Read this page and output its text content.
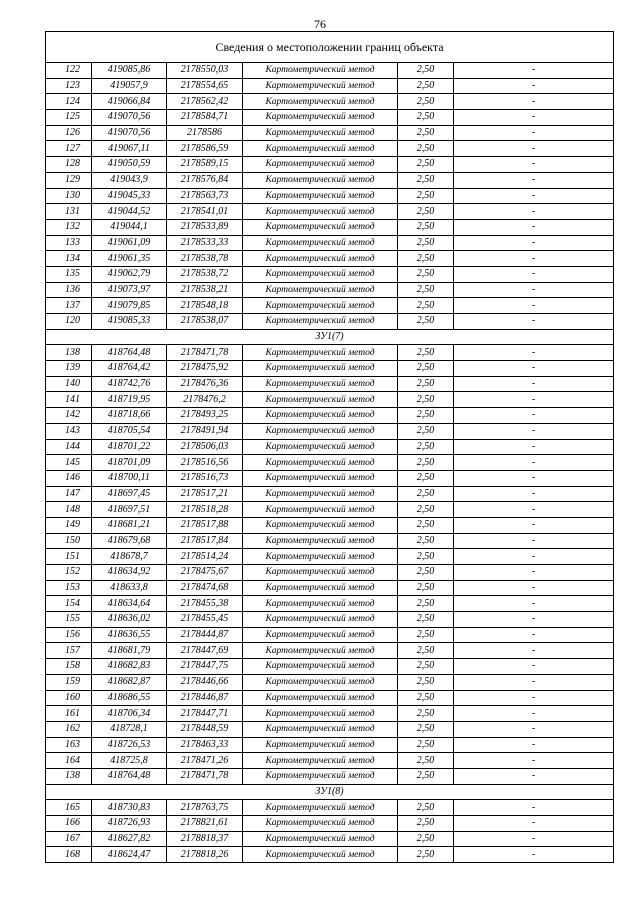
76
Сведения о местоположении границ объекта					
122	419085,86	2178550,03	Картометрический метод	2,50	-
123	419057,9	2178554,65	Картометрический метод	2,50	-
124	419066,84	2178562,42	Картометрический метод	2,50	-
125	419070,56	2178584,71	Картометрический метод	2,50	-
126	419070,56	2178586	Картометрический метод	2,50	-
127	419067,11	2178586,59	Картометрический метод	2,50	-
128	419050,59	2178589,15	Картометрический метод	2,50	-
129	419043,9	2178576,84	Картометрический метод	2,50	-
130	419045,33	2178563,73	Картометрический метод	2,50	-
131	419044,52	2178541,01	Картометрический метод	2,50	-
132	419044,1	2178533,89	Картометрический метод	2,50	-
133	419061,09	2178533,33	Картометрический метод	2,50	-
134	419061,35	2178538,78	Картометрический метод	2,50	-
135	419062,79	2178538,72	Картометрический метод	2,50	-
136	419073,97	2178538,21	Картометрический метод	2,50	-
137	419079,85	2178548,18	Картометрический метод	2,50	-
120	419085,33	2178538,07	Картометрический метод	2,50	-
ЗУ1(7)					
138	418764,48	2178471,78	Картометрический метод	2,50	-
139	418764,42	2178475,92	Картометрический метод	2,50	-
140	418742,76	2178476,36	Картометрический метод	2,50	-
141	418719,95	2178476,2	Картометрический метод	2,50	-
142	418718,66	2178493,25	Картометрический метод	2,50	-
143	418705,54	2178491,94	Картометрический метод	2,50	-
144	418701,22	2178506,03	Картометрический метод	2,50	-
145	418701,09	2178516,56	Картометрический метод	2,50	-
146	418700,11	2178516,73	Картометрический метод	2,50	-
147	418697,45	2178517,21	Картометрический метод	2,50	-
148	418697,51	2178518,28	Картометрический метод	2,50	-
149	418681,21	2178517,88	Картометрический метод	2,50	-
150	418679,68	2178517,84	Картометрический метод	2,50	-
151	418678,7	2178514,24	Картометрический метод	2,50	-
152	418634,92	2178475,67	Картометрический метод	2,50	-
153	418633,8	2178474,68	Картометрический метод	2,50	-
154	418634,64	2178455,38	Картометрический метод	2,50	-
155	418636,02	2178455,45	Картометрический метод	2,50	-
156	418636,55	2178444,87	Картометрический метод	2,50	-
157	418681,79	2178447,69	Картометрический метод	2,50	-
158	418682,83	2178447,75	Картометрический метод	2,50	-
159	418682,87	2178446,66	Картометрический метод	2,50	-
160	418686,55	2178446,87	Картометрический метод	2,50	-
161	418706,34	2178447,71	Картометрический метод	2,50	-
162	418728,1	2178448,59	Картометрический метод	2,50	-
163	418726,53	2178463,33	Картометрический метод	2,50	-
164	418725,8	2178471,26	Картометрический метод	2,50	-
138	418764,48	2178471,78	Картометрический метод	2,50	-
ЗУ1(8)					
165	418730,83	2178763,75	Картометрический метод	2,50	-
166	418726,93	2178821,61	Картометрический метод	2,50	-
167	418627,82	2178818,37	Картометрический метод	2,50	-
168	418624,47	2178818,26	Картометрический метод	2,50	-
